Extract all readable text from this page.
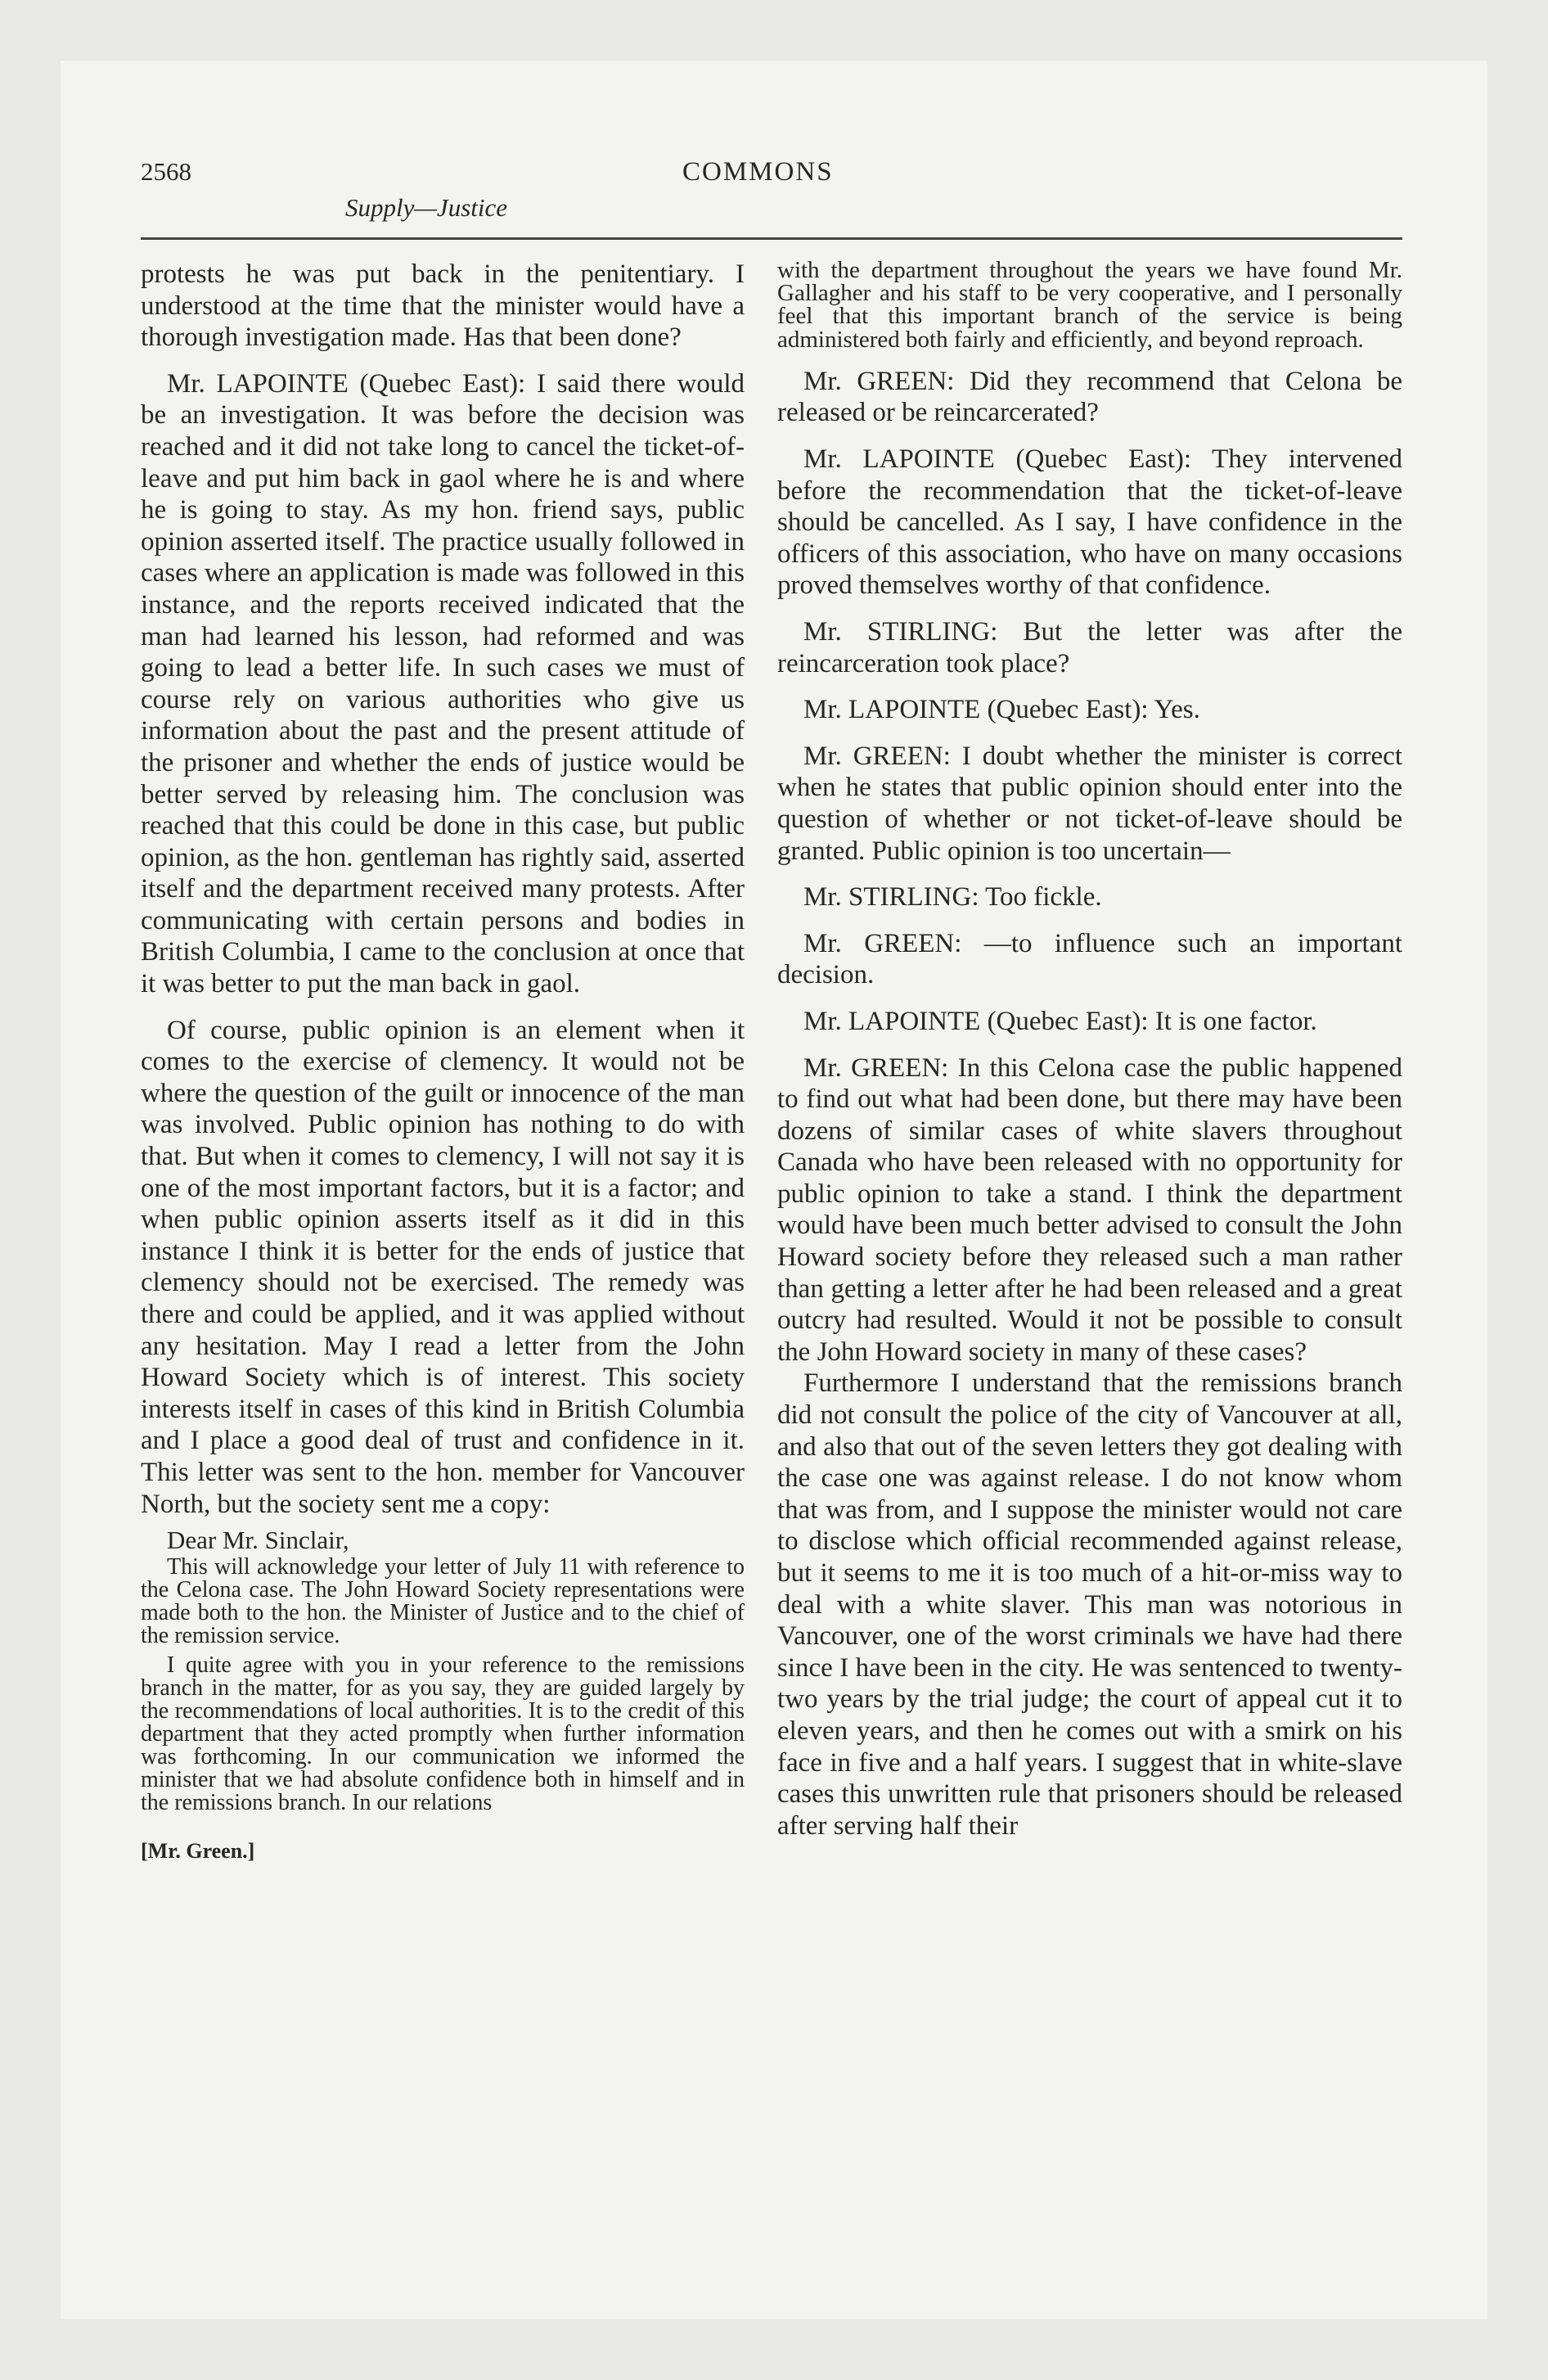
2568	COMMONS
Supply—Justice

protests he was put back in the penitentiary. I understood at the time that the minister would have a thorough investigation made. Has that been done?

Mr. LAPOINTE (Quebec East): I said there would be an investigation. It was before the decision was reached and it did not take long to cancel the ticket-of-leave and put him back in gaol where he is and where he is going to stay. As my hon. friend says, public opinion asserted itself. The practice usually followed in cases where an application is made was followed in this instance, and the reports received indicated that the man had learned his lesson, had reformed and was going to lead a better life. In such cases we must of course rely on various authorities who give us information about the past and the present attitude of the prisoner and whether the ends of justice would be better served by releasing him. The conclusion was reached that this could be done in this case, but public opinion, as the hon. gentleman has rightly said, asserted itself and the department received many protests. After communicating with certain persons and bodies in British Columbia, I came to the conclusion at once that it was better to put the man back in gaol.

Of course, public opinion is an element when it comes to the exercise of clemency. It would not be where the question of the guilt or innocence of the man was involved. Public opinion has nothing to do with that. But when it comes to clemency, I will not say it is one of the most important factors, but it is a factor; and when public opinion asserts itself as it did in this instance I think it is better for the ends of justice that clemency should not be exercised. The remedy was there and could be applied, and it was applied without any hesitation. May I read a letter from the John Howard Society which is of interest. This society interests itself in cases of this kind in British Columbia and I place a good deal of trust and confidence in it. This letter was sent to the hon. member for Vancouver North, but the society sent me a copy:

Dear Mr. Sinclair,

This will acknowledge your letter of July 11 with reference to the Celona case. The John Howard Society representations were made both to the hon. the Minister of Justice and to the chief of the remission service.

I quite agree with you in your reference to the remissions branch in the matter, for as you say, they are guided largely by the recommendations of local authorities. It is to the credit of this department that they acted promptly when further information was forthcoming. In our communication we informed the minister that we had absolute confidence both in himself and in the remissions branch. In our relations

[Mr. Green.]

with the department throughout the years we have found Mr. Gallagher and his staff to be very cooperative, and I personally feel that this important branch of the service is being administered both fairly and efficiently, and beyond reproach.

Mr. GREEN: Did they recommend that Celona be released or be reincarcerated?

Mr. LAPOINTE (Quebec East): They intervened before the recommendation that the ticket-of-leave should be cancelled. As I say, I have confidence in the officers of this association, who have on many occasions proved themselves worthy of that confidence.

Mr. STIRLING: But the letter was after the reincarceration took place?

Mr. LAPOINTE (Quebec East): Yes.

Mr. GREEN: I doubt whether the minister is correct when he states that public opinion should enter into the question of whether or not ticket-of-leave should be granted. Public opinion is too uncertain—

Mr. STIRLING: Too fickle.

Mr. GREEN: —to influence such an important decision.

Mr. LAPOINTE (Quebec East): It is one factor.

Mr. GREEN: In this Celona case the public happened to find out what had been done, but there may have been dozens of similar cases of white slavers throughout Canada who have been released with no opportunity for public opinion to take a stand. I think the department would have been much better advised to consult the John Howard society before they released such a man rather than getting a letter after he had been released and a great outcry had resulted. Would it not be possible to consult the John Howard society in many of these cases?

Furthermore I understand that the remissions branch did not consult the police of the city of Vancouver at all, and also that out of the seven letters they got dealing with the case one was against release. I do not know whom that was from, and I suppose the minister would not care to disclose which official recommended against release, but it seems to me it is too much of a hit-or-miss way to deal with a white slaver. This man was notorious in Vancouver, one of the worst criminals we have had there since I have been in the city. He was sentenced to twenty-two years by the trial judge; the court of appeal cut it to eleven years, and then he comes out with a smirk on his face in five and a half years. I suggest that in white-slave cases this unwritten rule that prisoners should be released after serving half their
